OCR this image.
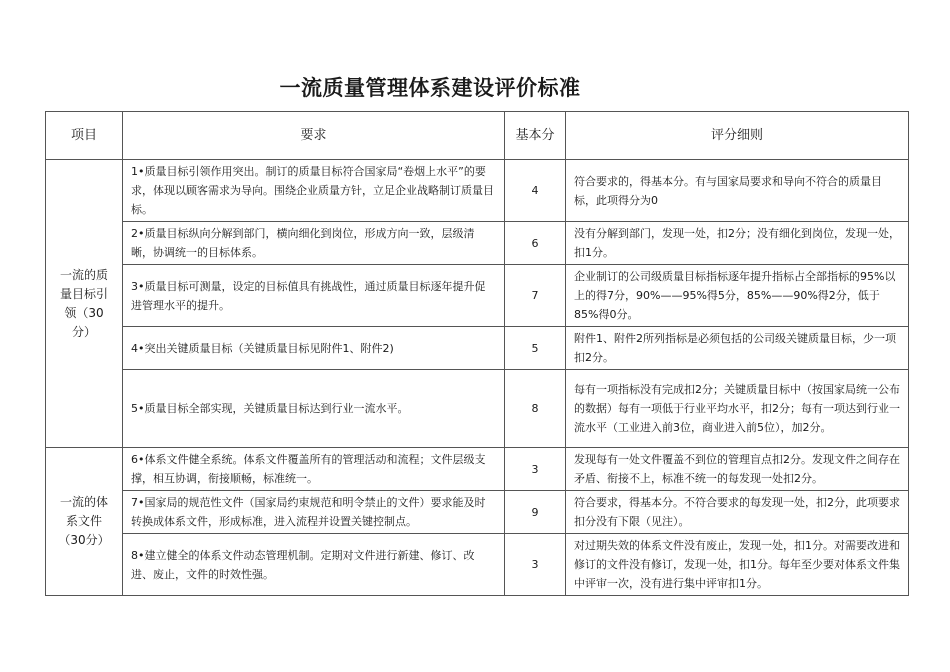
一流质量管理体系建设评价标准
项目	要求	基本分	评分细则
一流的质量目标引领（30分）	1•质量目标引领作用突出。制订的质量目标符合国家局“卷烟上水平”的要求，体现以顾客需求为导向。围绕企业质量方针，立足企业战略制订质量目标。	4	符合要求的，得基本分。有与国家局要求和导向不符合的质量目标，此项得分为0
	2•质量目标纵向分解到部门，横向细化到岗位，形成方向一致，层级清晰，协调统一的目标体系。	6	没有分解到部门，发现一处，扣2分；没有细化到岗位，发现一处，扣1分。
	3•质量目标可测量，设定的目标值具有挑战性，通过质量目标逐年提升促进管理水平的提升。	7	企业制订的公司级质量目标指标逐年提升指标占全部指标的95%以上的得7分，90%——95%得5分，85%——90%得2分，低于85%得0分。
	4•突出关键质量目标（关键质量目标见附件1、附件2)	5	附件1、附件2所列指标是必须包括的公司级关键质量目标，少一项扣2分。
	5•质量目标全部实现，关键质量目标达到行业一流水平。	8	每有一项指标没有完成扣2分；关键质量目标中（按国家局统一公布的数据）每有一项低于行业平均水平，扣2分；每有一项达到行业一流水平（工业进入前3位，商业进入前5位），加2分。
一流的体系文件（30分）	6•体系文件健全系统。体系文件覆盖所有的管理活动和流程；文件层级支撑，相互协调，衔接顺畅，标准统一。	3	发现每有一处文件覆盖不到位的管理盲点扣2分。发现文件之间存在矛盾、衔接不上，标准不统一的每发现一处扣2分。
	7•国家局的规范性文件（国家局约束规范和明令禁止的文件）要求能及时转换成体系文件，形成标准，进入流程并设置关键控制点。	9	符合要求，得基本分。不符合要求的每发现一处，扣2分，此项要求扣分没有下限（见注）。
	8•建立健全的体系文件动态管理机制。定期对文件进行新建、修订、改进、废止，文件的时效性强。	3	对过期失效的体系文件没有废止，发现一处，扣1分。对需要改进和修订的文件没有修订，发现一处，扣1分。每年至少要对体系文件集中评审一次，没有进行集中评审扣1分。
